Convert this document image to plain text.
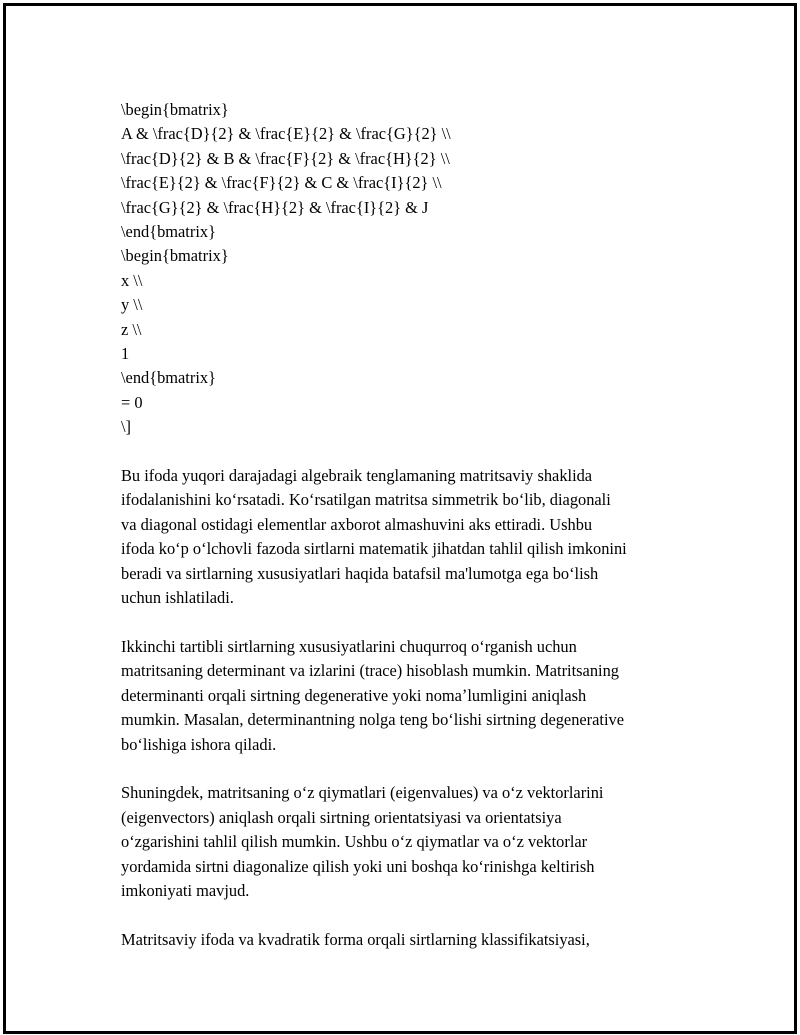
\begin{bmatrix}
A & \frac{D}{2} & \frac{E}{2} & \frac{G}{2} \\
\frac{D}{2} & B & \frac{F}{2} & \frac{H}{2} \\
\frac{E}{2} & \frac{F}{2} & C & \frac{I}{2} \\
\frac{G}{2} & \frac{H}{2} & \frac{I}{2} & J
\end{bmatrix}
\begin{bmatrix}
x \\
y \\
z \\
1
\end{bmatrix}
= 0
\]
Bu ifoda yuqori darajadagi algebraik tenglamaning matritsaviy shaklida
ifodalanishini koʻrsatadi. Koʻrsatilgan matritsa simmetrik boʻlib, diagonali
va diagonal ostidagi elementlar axborot almashuvini aks ettiradi. Ushbu
ifoda koʻp oʻlchovli fazoda sirtlarni matematik jihatdan tahlil qilish imkonini
beradi va sirtlarning xususiyatlari haqida batafsil ma'lumotga ega boʻlish
uchun ishlatiladi.
Ikkinchi tartibli sirtlarning xususiyatlarini chuqurroq oʻrganish uchun
matritsaning determinant va izlarini (trace) hisoblash mumkin. Matritsaning
determinanti orqali sirtning degenerative yoki nomaʼlumligini aniqlash
mumkin. Masalan, determinantning nolga teng boʻlishi sirtning degenerative
boʻlishiga ishora qiladi.
Shuningdek, matritsaning oʻz qiymatlari (eigenvalues) va oʻz vektorlarini
(eigenvectors) aniqlash orqali sirtning orientatsiyasi va orientatsiya
oʻzgarishini tahlil qilish mumkin. Ushbu oʻz qiymatlar va oʻz vektorlar
yordamida sirtni diagonalize qilish yoki uni boshqa koʻrinishga keltirish
imkoniyati mavjud.
Matritsaviy ifoda va kvadratik forma orqali sirtlarning klassifikatsiyasi,
